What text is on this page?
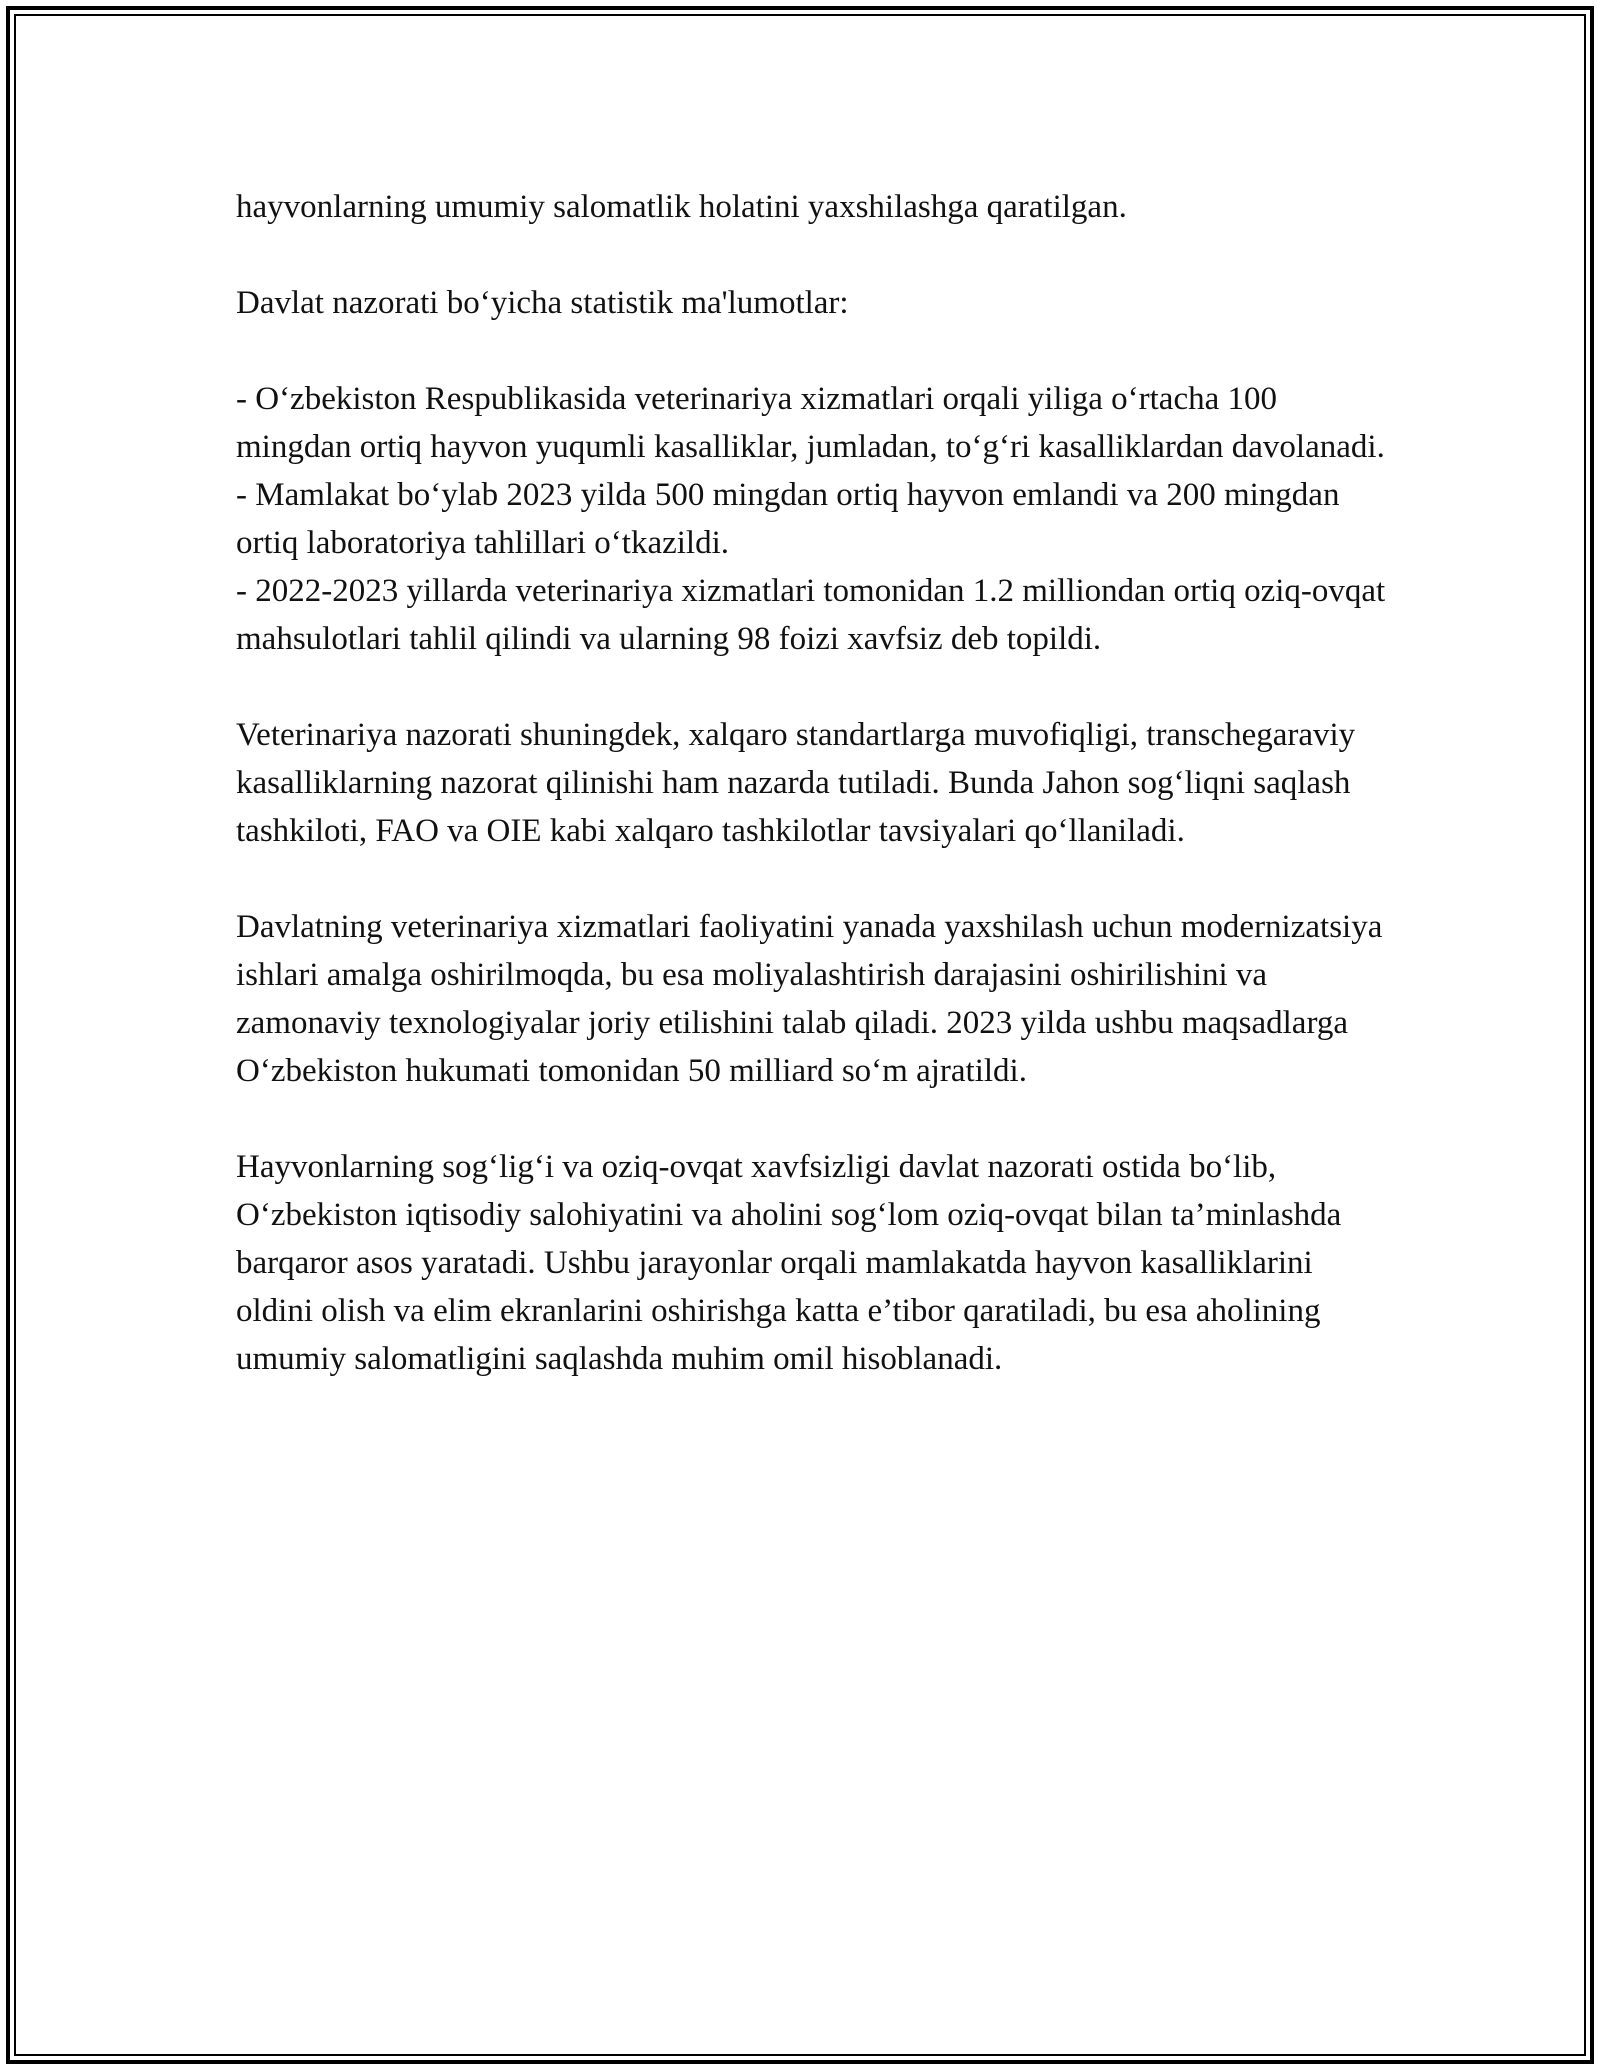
hayvonlarning umumiy salomatlik holatini yaxshilashga qaratilgan.

Davlat nazorati bo‘yicha statistik ma'lumotlar:

- O‘zbekiston Respublikasida veterinariya xizmatlari orqali yiliga o‘rtacha 100 mingdan ortiq hayvon yuqumli kasalliklar, jumladan, to‘g‘ri kasalliklardan davolanadi.

- Mamlakat bo‘ylab 2023 yilda 500 mingdan ortiq hayvon emlandi va 200 mingdan ortiq laboratoriya tahlillari o‘tkazildi.

- 2022-2023 yillarda veterinariya xizmatlari tomonidan 1.2 milliondan ortiq oziq-ovqat mahsulotlari tahlil qilindi va ularning 98 foizi xavfsiz deb topildi.

Veterinariya nazorati shuningdek, xalqaro standartlarga muvofiqligi, transchegaraviy kasalliklarning nazorat qilinishi ham nazarda tutiladi. Bunda Jahon sog‘liqni saqlash tashkiloti, FAO va OIE kabi xalqaro tashkilotlar tavsiyalari qo‘llaniladi.

Davlatning veterinariya xizmatlari faoliyatini yanada yaxshilash uchun modernizatsiya ishlari amalga oshirilmoqda, bu esa moliyalashtirish darajasini oshirilishini va zamonaviy texnologiyalar joriy etilishini talab qiladi. 2023 yilda ushbu maqsadlarga O‘zbekiston hukumati tomonidan 50 milliard so‘m ajratildi.

Hayvonlarning sog‘lig‘i va oziq-ovqat xavfsizligi davlat nazorati ostida bo‘lib, O‘zbekiston iqtisodiy salohiyatini va aholini sog‘lom oziq-ovqat bilan ta’minlashda barqaror asos yaratadi. Ushbu jarayonlar orqali mamlakatda hayvon kasalliklarini oldini olish va elim ekranlarini oshirishga katta e’tibor qaratiladi, bu esa aholining umumiy salomatligini saqlashda muhim omil hisoblanadi.
